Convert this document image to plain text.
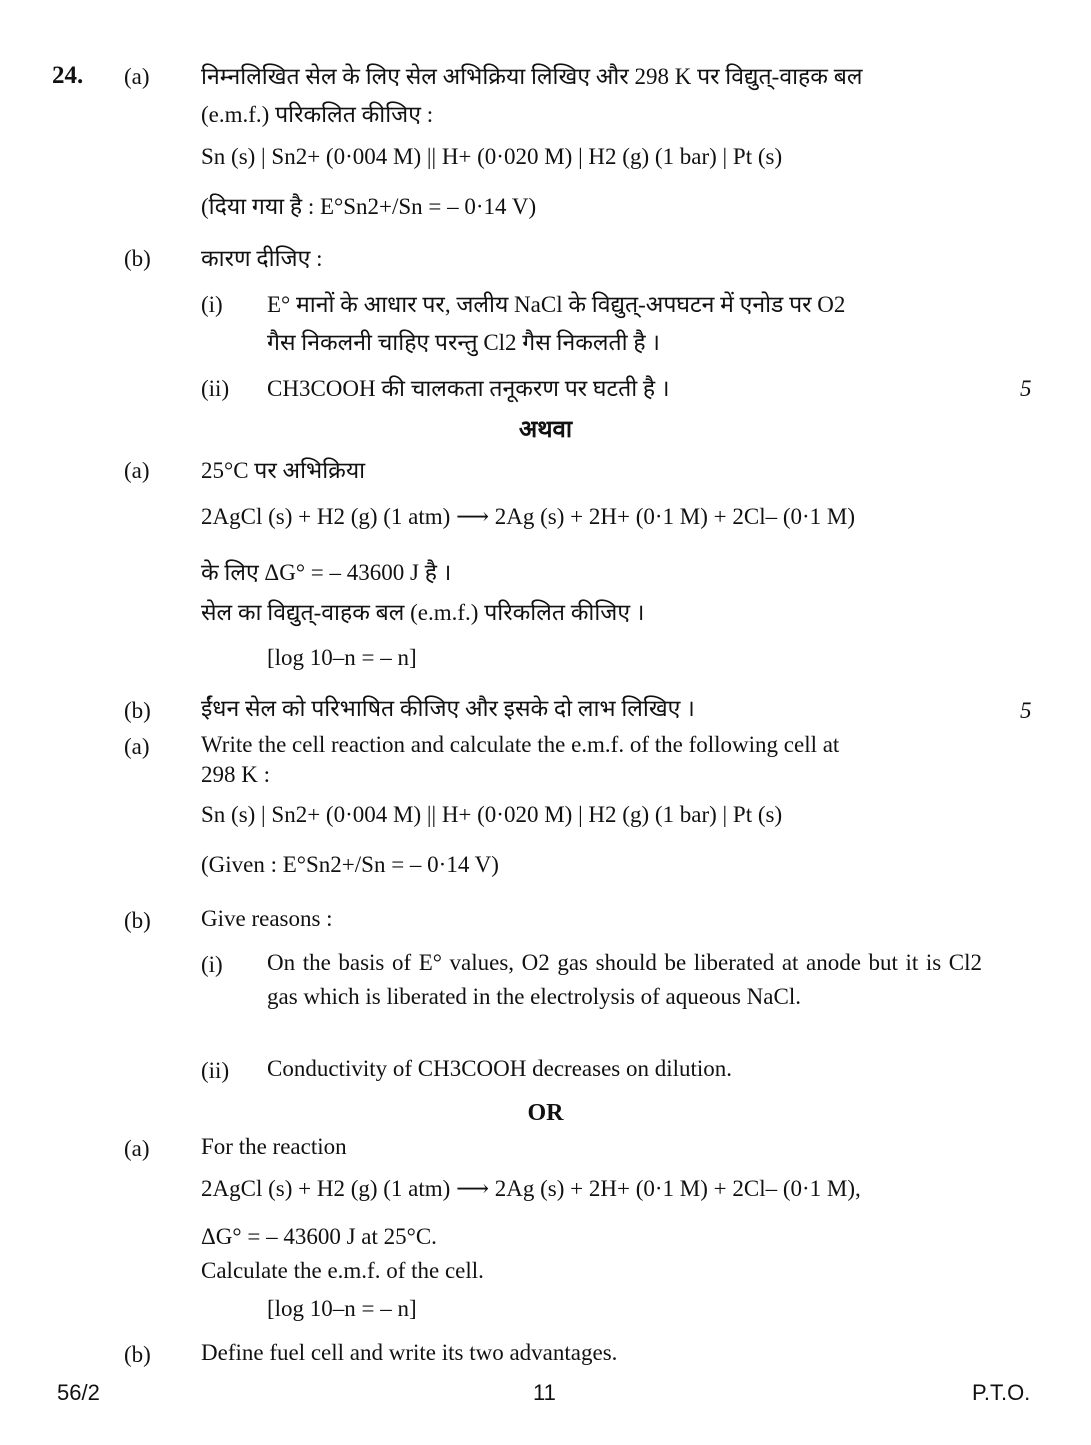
24. (a) निम्नलिखित सेल के लिए सेल अभिक्रिया लिखिए और 298 K पर विद्युत्-वाहक बल
(e.m.f.) परिकलित कीजिए :
Sn (s) | Sn2+ (0·004 M) || H+ (0·020 M) | H2 (g) (1 bar) | Pt (s)
(दिया गया है : E°Sn2+/Sn = – 0·14 V)
(b) कारण दीजिए :
(i) E° मानों के आधार पर, जलीय NaCl के विद्युत्-अपघटन में एनोड पर O2
गैस निकलनी चाहिए परन्तु Cl2 गैस निकलती है ।
(ii) CH3COOH की चालकता तनूकरण पर घटती है ।	5
अथवा
(a) 25°C पर अभिक्रिया
2AgCl (s) + H2 (g) (1 atm) ⟶ 2Ag (s) + 2H+ (0·1 M) + 2Cl– (0·1 M)
के लिए ΔG° = – 43600 J है ।
सेल का विद्युत्-वाहक बल (e.m.f.) परिकलित कीजिए ।
[log 10–n = – n]
(b) ईंधन सेल को परिभाषित कीजिए और इसके दो लाभ लिखिए ।	5
(a) Write the cell reaction and calculate the e.m.f. of the following cell at
298 K :
Sn (s) | Sn2+ (0·004 M) || H+ (0·020 M) | H2 (g) (1 bar) | Pt (s)
(Given : E°Sn2+/Sn = – 0·14 V)
(b) Give reasons :
(i) On the basis of E° values, O2 gas should be liberated at anode but it is Cl2 gas which is liberated in the electrolysis of aqueous NaCl.
(ii) Conductivity of CH3COOH decreases on dilution.
OR
(a) For the reaction
2AgCl (s) + H2 (g) (1 atm) ⟶ 2Ag (s) + 2H+ (0·1 M) + 2Cl– (0·1 M),
ΔG° = – 43600 J at 25°C.
Calculate the e.m.f. of the cell.
[log 10–n = – n]
(b) Define fuel cell and write its two advantages.
56/2	11	P.T.O.
